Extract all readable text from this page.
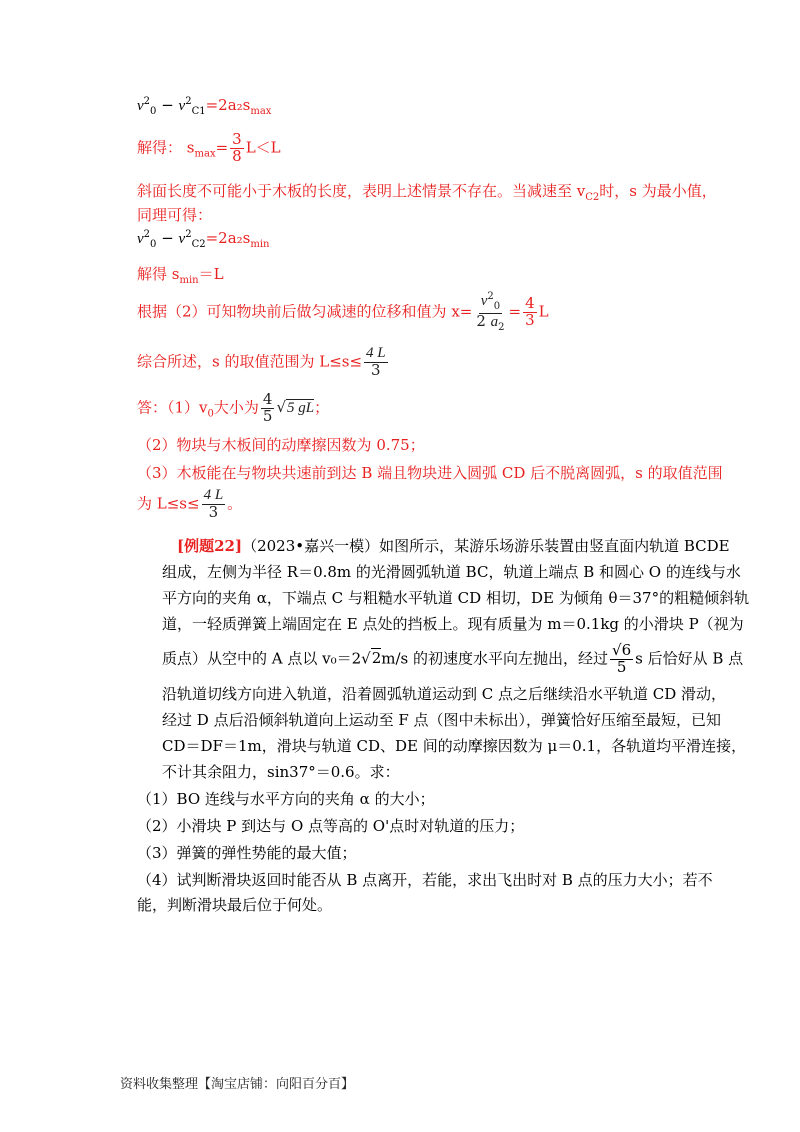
$v^2_0 - v^2_{C1}=2a_2s_{max}$
解得： $s_{max}= \frac{3}{8} L<L$
斜面长度不可能小于木板的长度，表明上述情景不存在。当减速至 $v_{C2}$时，s 为最小值，
同理可得：
$v^2_0 - v^2_{C2}=2a_2s_{min}$
解得 $s_{min}=L$
根据（2）可知物块前后做匀减速的位移和值为 $x= \frac{v^2_0}{2 a_2} = \frac{4}{3}$ L
综合所述，s 的取值范围为 $L\le s\le \frac{4 L}{3}$
答：$(1)v_0$大小为 $\frac{4}{5} √5$ gL；
（2）物块与木板间的动摩擦因数为 0.75；
（3）木板能在与物块共速前到达 B 端且物块进入圆弧 CD 后不脱离圆弧，s 的取值范围
为 $L\le s\le \frac{4 L}{3}$ 。
[例题22]（2023•嘉兴一模）如图所示，某游乐场游乐装置由竖直面内轨道 BCDE
组成，左侧为半径 R＝0.8m 的光滑圆弧轨道 BC，轨道上端点 B 和圆心 O 的连线与水
平方向的夹角 α，下端点 C 与粗糙水平轨道 CD 相切，DE 为倾角 θ＝37°的粗糙倾斜轨
道，一轻质弹簧上端固定在 E 点处的挡板上。现有质量为 m＝0.1kg 的小滑块 P（视为
质点）从空中的 A 点以 v₀＝2√2m/s 的初速度水平向左抛出，经过 $\frac{√6}{5}$ s 后恰好从 B 点
沿轨道切线方向进入轨道，沿着圆弧轨道运动到 C 点之后继续沿水平轨道 CD 滑动，
经过 D 点后沿倾斜轨道向上运动至 F 点（图中未标出），弹簧恰好压缩至最短，已知
CD＝DF＝1m，滑块与轨道 CD、DE 间的动摩擦因数为 μ＝0.1，各轨道均平滑连接，
不计其余阻力，sin37°＝0.6。求：
（1）BO 连线与水平方向的夹角 α 的大小；
（2）小滑块 P 到达与 O 点等高的 O'点时对轨道的压力；
（3）弹簧的弹性势能的最大值；
（4）试判断滑块返回时能否从 B 点离开，若能，求出飞出时对 B 点的压力大小；若不
能，判断滑块最后位于何处。
资料收集整理【淘宝店铺：向阳百分百】
